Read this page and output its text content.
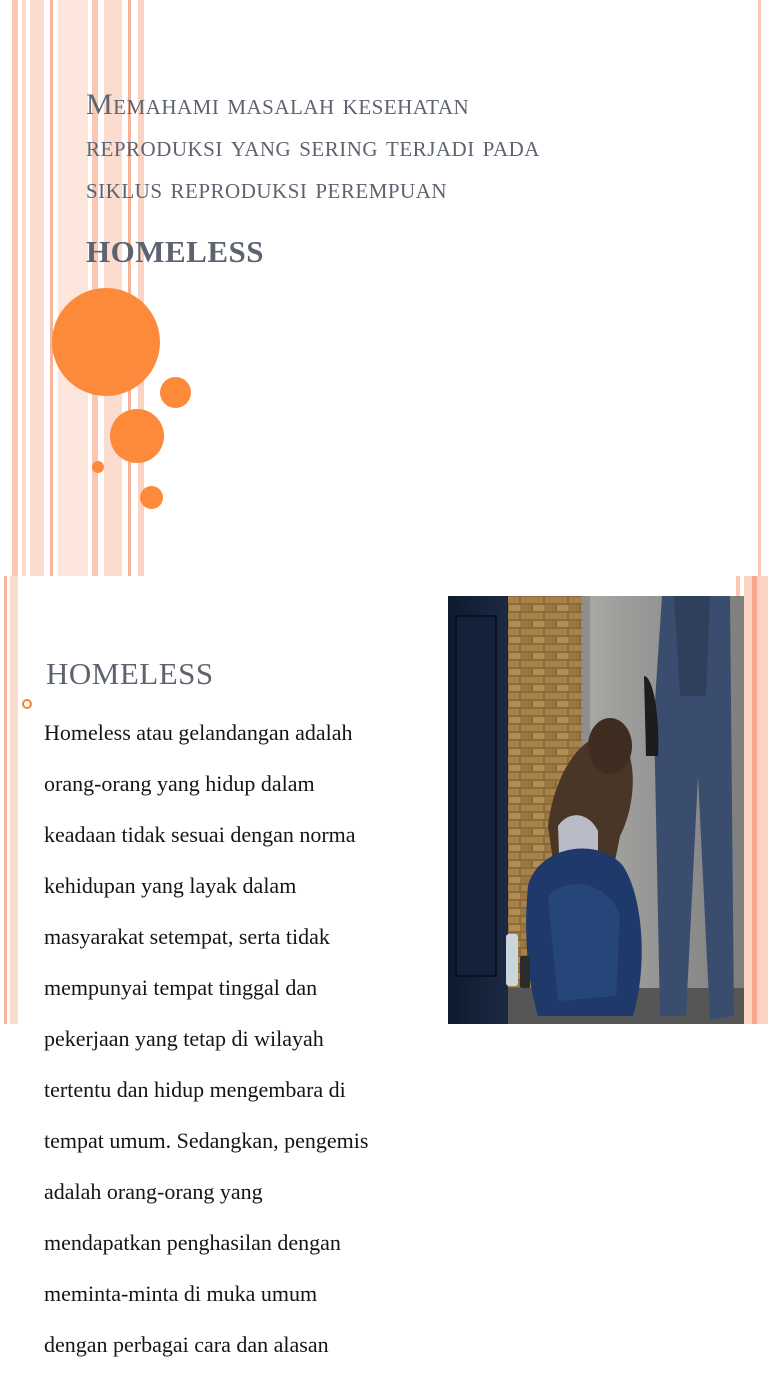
Memahami masalah kesehatan
reproduksi yang sering terjadi pada
siklus reproduksi perempuan
HOMELESS
HOMELESS

Homeless atau gelandangan adalah

orang-orang yang hidup dalam

keadaan tidak sesuai dengan norma

kehidupan yang layak dalam

masyarakat setempat, serta tidak

mempunyai tempat tinggal dan

pekerjaan yang tetap di wilayah

tertentu dan hidup mengembara di

tempat umum. Sedangkan, pengemis

adalah orang-orang yang

mendapatkan penghasilan dengan

meminta-minta di muka umum

dengan perbagai cara dan alasan
